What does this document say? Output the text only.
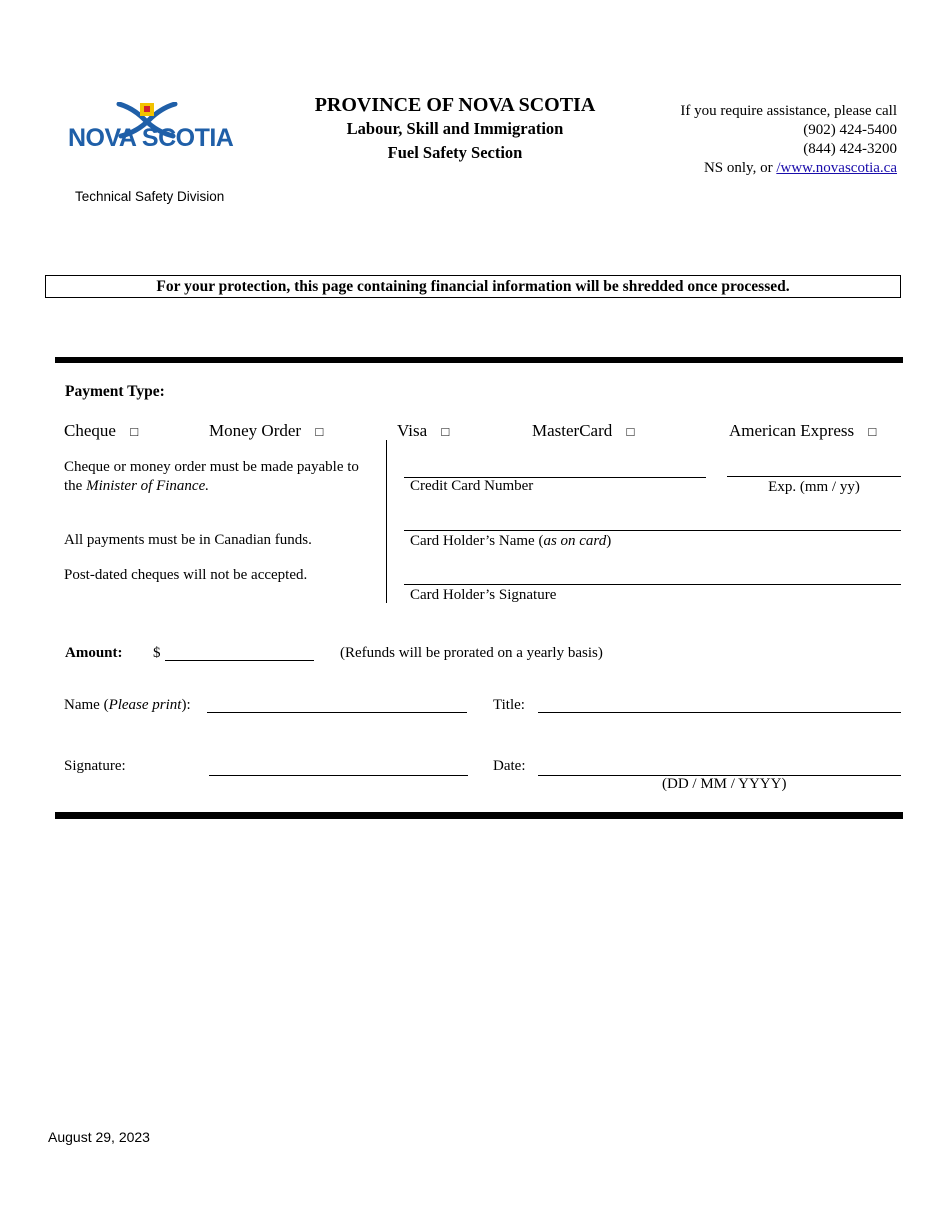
NOVA SCOTIA
Technical Safety Division
PROVINCE OF NOVA SCOTIA
Labour, Skill and Immigration
Fuel Safety Section
If you require assistance, please call
(902) 424-5400
(844) 424-3200
NS only, or /www.novascotia.ca
For your protection, this page containing financial information will be shredded once processed.
Payment Type:
Cheque □	Money Order □	Visa □	MasterCard □	American Express □
Cheque or money order must be made payable to
the Minister of Finance.
All payments must be in Canadian funds.
Post-dated cheques will not be accepted.
Credit Card Number	Exp. (mm / yy)
Card Holder’s Name (as on card)
Card Holder’s Signature
Amount: $	(Refunds will be prorated on a yearly basis)
Name (Please print):	Title:
Signature:	Date:
(DD / MM / YYYY)
August 29, 2023
